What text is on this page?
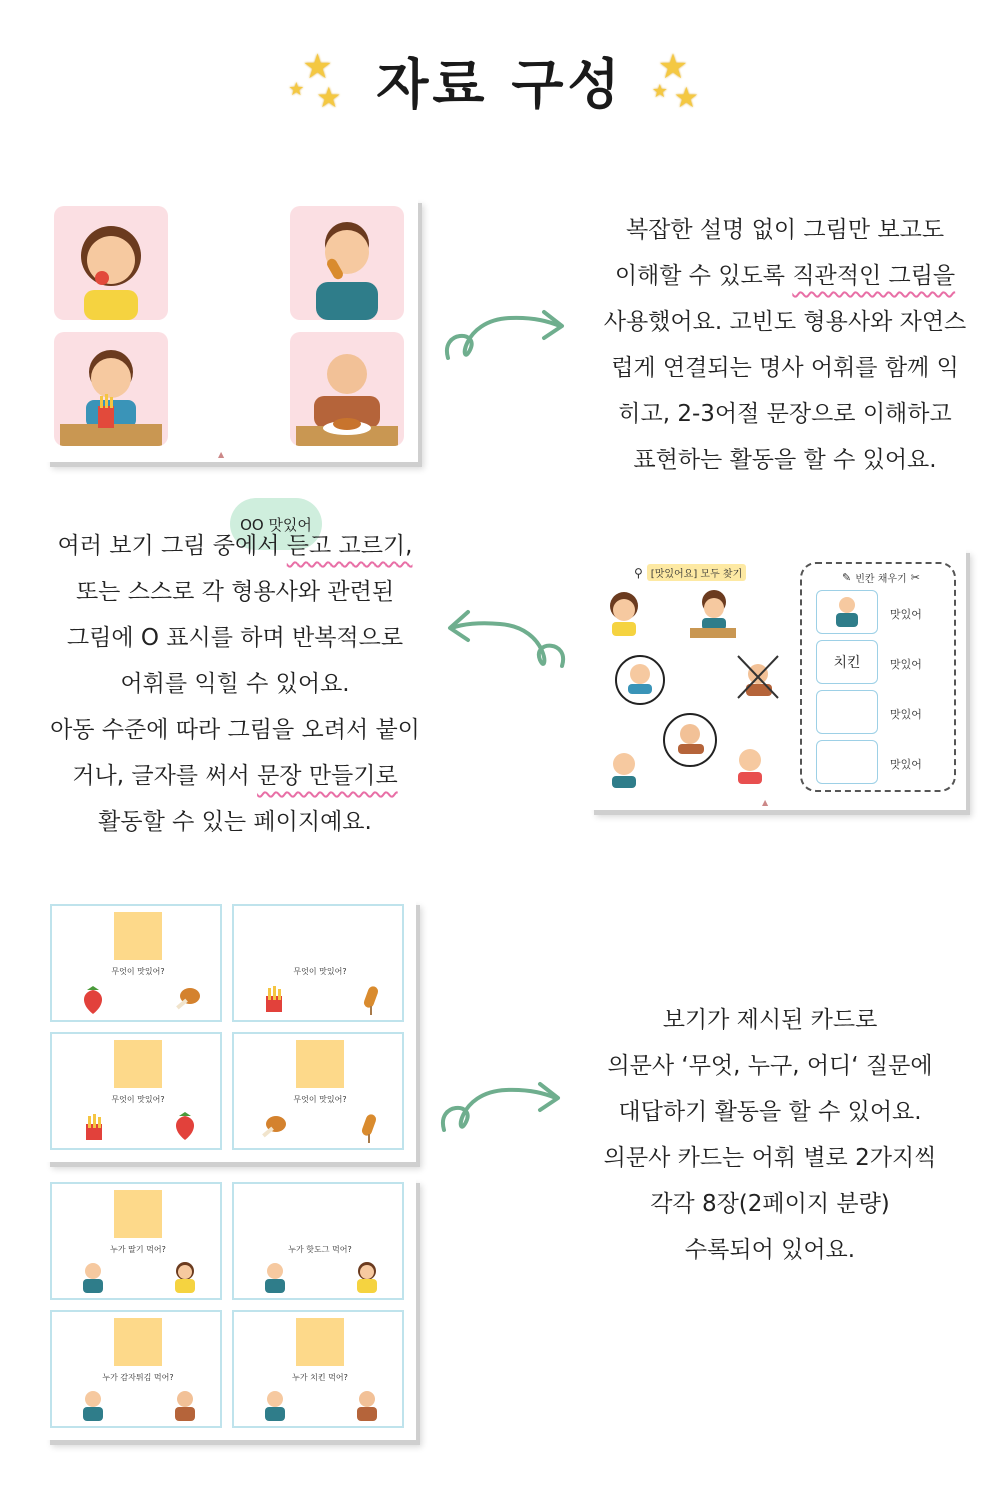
★
★ ★ 자료 구성 ★
★ ★
OO 맛있어
▲
복잡한 설명 없이 그림만 보고도
이해할 수 있도록 직관적인 그림을
사용했어요. 고빈도 형용사와 자연스
럽게 연결되는 명사 어휘를 함께 익
히고, 2-3어절 문장으로 이해하고
표현하는 활동을 할 수 있어요.
여러 보기 그림 중에서 듣고 고르기,
또는 스스로 각 형용사와 관련된
그림에 O 표시를 하며 반복적으로
어휘를 익힐 수 있어요.
아동 수준에 따라 그림을 오려서 붙이
거나, 글자를 써서 문장 만들기로
활동할 수 있는 페이지예요.
⚲ [맛있어요] 모두 찾기	✎ 빈칸 채우기 ✂
맛있어
치킨	맛있어
맛있어
맛있어
▲
무엇이 맛있어?	무엇이 맛있어?
무엇이 맛있어?	무엇이 맛있어?
누가 딸기 먹어?	누가 핫도그 먹어?
누가 감자튀김 먹어?	누가 치킨 먹어?
보기가 제시된 카드로
의문사 ‘무엇, 누구, 어디‘ 질문에
대답하기 활동을 할 수 있어요.
의문사 카드는 어휘 별로 2가지씩
각각 8장(2페이지 분량)
수록되어 있어요.
